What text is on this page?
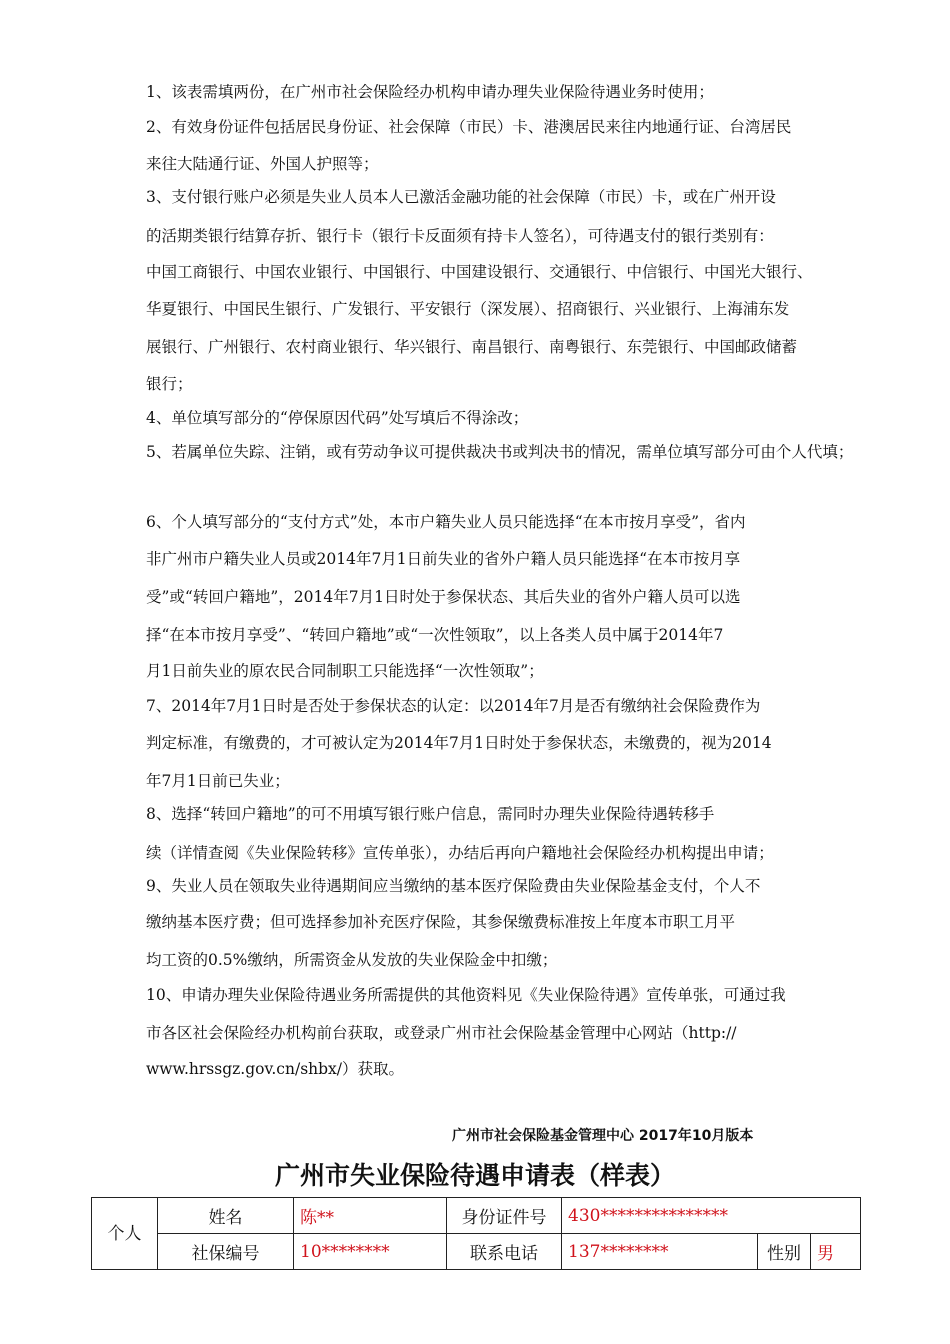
1、该表需填两份，在广州市社会保险经办机构申请办理失业保险待遇业务时使用；
2、有效身份证件包括居民身份证、社会保障（市民）卡、港澳居民来往内地通行证、台湾居民
来往大陆通行证、外国人护照等；
3、支付银行账户必须是失业人员本人已激活金融功能的社会保障（市民）卡，或在广州开设
的活期类银行结算存折、银行卡（银行卡反面须有持卡人签名），可待遇支付的银行类别有：
中国工商银行、中国农业银行、中国银行、中国建设银行、交通银行、中信银行、中国光大银行、
华夏银行、中国民生银行、广发银行、平安银行（深发展）、招商银行、兴业银行、上海浦东发
展银行、广州银行、农村商业银行、华兴银行、南昌银行、南粤银行、东莞银行、中国邮政储蓄
银行；
4、单位填写部分的“停保原因代码”处写填后不得涂改；
5、若属单位失踪、注销，或有劳动争议可提供裁决书或判决书的情况，需单位填写部分可由个人代填；
6、个人填写部分的“支付方式”处，本市户籍失业人员只能选择“在本市按月享受”，省内
非广州市户籍失业人员或2014年7月1日前失业的省外户籍人员只能选择“在本市按月享
受”或“转回户籍地”，2014年7月1日时处于参保状态、其后失业的省外户籍人员可以选
择“在本市按月享受”、“转回户籍地”或“一次性领取”，以上各类人员中属于2014年7
月1日前失业的原农民合同制职工只能选择“一次性领取”；
7、2014年7月1日时是否处于参保状态的认定：以2014年7月是否有缴纳社会保险费作为
判定标准，有缴费的，才可被认定为2014年7月1日时处于参保状态，未缴费的，视为2014
年7月1日前已失业；
8、选择“转回户籍地”的可不用填写银行账户信息，需同时办理失业保险待遇转移手
续（详情查阅《失业保险转移》宣传单张），办结后再向户籍地社会保险经办机构提出申请；
9、失业人员在领取失业待遇期间应当缴纳的基本医疗保险费由失业保险基金支付，个人不
缴纳基本医疗费；但可选择参加补充医疗保险，其参保缴费标准按上年度本市职工月平
均工资的0.5%缴纳，所需资金从发放的失业保险金中扣缴；
10、申请办理失业保险待遇业务所需提供的其他资料见《失业保险待遇》宣传单张，可通过我
市各区社会保险经办机构前台获取，或登录广州市社会保险基金管理中心网站（http://
www.hrssgz.gov.cn/shbx/）获取。
广州市社会保险基金管理中心 2017年10月版本
广州市失业保险待遇申请表（样表）
个人	姓名	陈**	身份证件号	430***************		
	社保编号	10********	联系电话	137********	性别	男
